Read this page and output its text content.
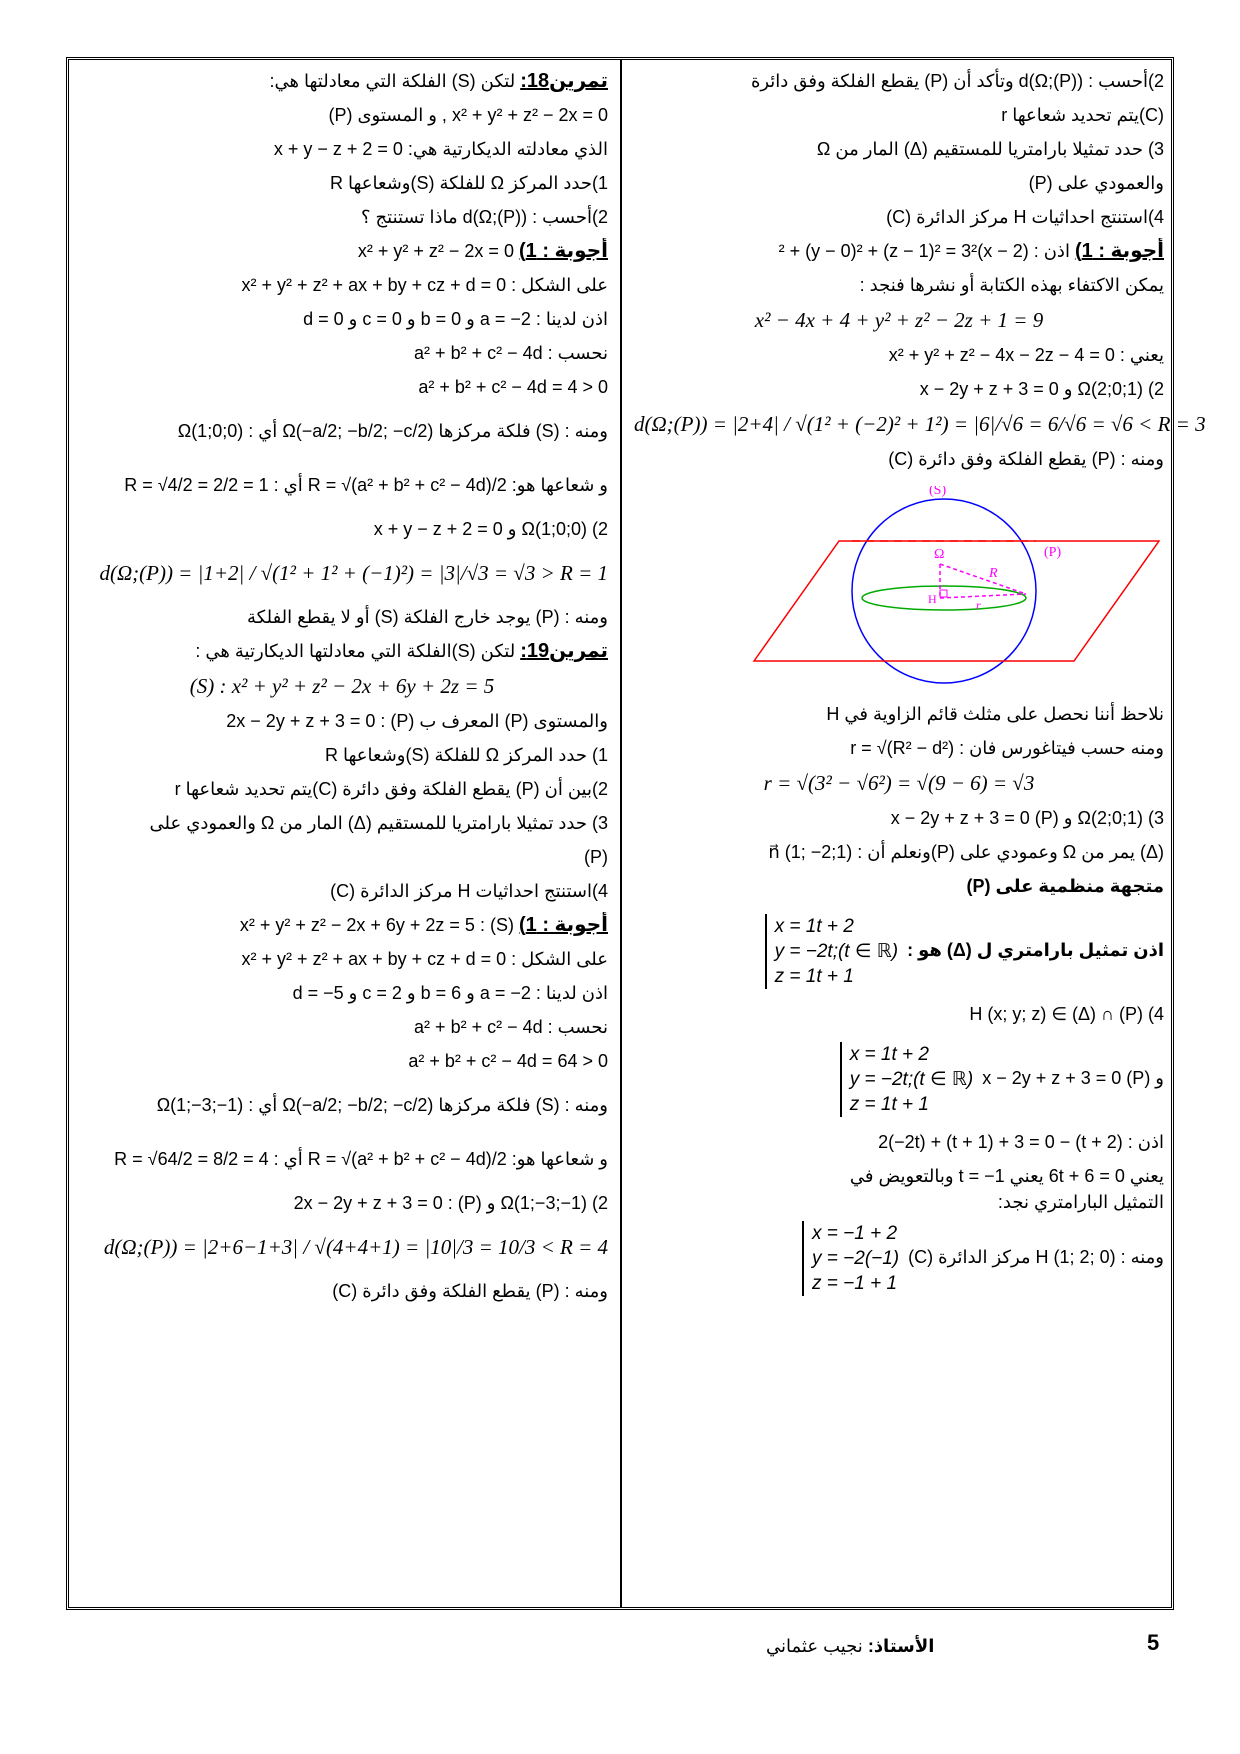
2)أحسب : d(Ω;(P)) وتأكد أن (P) يقطع الفلكة وفق دائرة
(C)يتم تحديد شعاعها r
3) حدد تمثيلا بارامتريا للمستقيم (Δ) المار من Ω
والعمودي على (P)
4)استنتج احداثيات H مركز الدائرة (C)
أجوبة : 1) اذن : (x − 2)² + (y − 0)² + (z − 1)² = 3²
يمكن الاكتفاء بهذه الكتابة أو نشرها فنجد :
x² − 4x + 4 + y² + z² − 2z + 1 = 9
يعني : x² + y² + z² − 4x − 2z − 4 = 0
2) Ω(2;0;1) و x − 2y + z + 3 = 0
d(Ω;(P)) = |2+4| / √(1² + (−2)² + 1²) = |6|/√6 = 6/√6 = √6 < R = 3
ومنه : (P) يقطع الفلكة وفق دائرة (C)
(S)
(P)
Ω
R
H	r
نلاحظ أننا نحصل على مثلث قائم الزاوية في H
ومنه حسب فيتاغورس فان : r = √(R² − d²)
r = √(3² − √6²) = √(9 − 6) = √3
3) Ω(2;0;1) و (P) x − 2y + z + 3 = 0
(Δ) يمر من Ω وعمودي على (P)ونعلم أن : n⃗ (1; −2;1)
متجهة منظمية على (P)
اذن تمثيل بارامتري ل (Δ) هو : x = 1t + 2
y = −2t;(t ∈ ℝ)
z = 1t + 1
4) H (x; y; z) ∈ (Δ) ∩ (P)
و (P) x − 2y + z + 3 = 0 x = 1t + 2
y = −2t;(t ∈ ℝ)
z = 1t + 1
اذن : (t + 2) − 2(−2t) + (t + 1) + 3 = 0
يعني 6t + 6 = 0 يعني t = −1 وبالتعويض في
التمثيل البارامتري نجد:
ومنه : H (1; 2; 0) مركز الدائرة (C) x = −1 + 2
y = −2(−1)
z = −1 + 1
تمرين18: لتكن (S) الفلكة التي معادلتها هي:
x² + y² + z² − 2x = 0 , و المستوى (P)
الذي معادلته الديكارتية هي: x + y − z + 2 = 0
1)حدد المركز Ω للفلكة (S)وشعاعها R
2)أحسب : d(Ω;(P)) ماذا تستنتج ؟
أجوبة : 1) x² + y² + z² − 2x = 0
على الشكل : x² + y² + z² + ax + by + cz + d = 0
اذن لدينا : a = −2 و b = 0 و c = 0 و d = 0
نحسب : a² + b² + c² − 4d
a² + b² + c² − 4d = 4 > 0
ومنه : (S) فلكة مركزها Ω(−a/2; −b/2; −c/2) أي : Ω(1;0;0)
و شعاعها هو: R = √(a² + b² + c² − 4d)/2 أي : R = √4/2 = 2/2 = 1
2) Ω(1;0;0) و x + y − z + 2 = 0
d(Ω;(P)) = |1+2| / √(1² + 1² + (−1)²) = |3|/√3 = √3 > R = 1
ومنه : (P) يوجد خارج الفلكة (S) أو لا يقطع الفلكة
تمرين19: لتكن (S)الفلكة التي معادلتها الديكارتية هي :
(S) : x² + y² + z² − 2x + 6y + 2z = 5
والمستوى (P) المعرف ب (P) : 2x − 2y + z + 3 = 0
1) حدد المركز Ω للفلكة (S)وشعاعها R
2)بين أن (P) يقطع الفلكة وفق دائرة (C)يتم تحديد شعاعها r
3) حدد تمثيلا بارامتريا للمستقيم (Δ) المار من Ω والعمودي على
(P)
4)استنتج احداثيات H مركز الدائرة (C)
أجوبة : 1) (S) : x² + y² + z² − 2x + 6y + 2z = 5
على الشكل : x² + y² + z² + ax + by + cz + d = 0
اذن لدينا : a = −2 و b = 6 و c = 2 و d = −5
نحسب : a² + b² + c² − 4d
a² + b² + c² − 4d = 64 > 0
ومنه : (S) فلكة مركزها Ω(−a/2; −b/2; −c/2) أي : Ω(1;−3;−1)
و شعاعها هو: R = √(a² + b² + c² − 4d)/2 أي : R = √64/2 = 8/2 = 4
2) Ω(1;−3;−1) و (P) : 2x − 2y + z + 3 = 0
d(Ω;(P)) = |2+6−1+3| / √(4+4+1) = |10|/3 = 10/3 < R = 4
ومنه : (P) يقطع الفلكة وفق دائرة (C)
الأستاذ: نجيب عثماني	5
